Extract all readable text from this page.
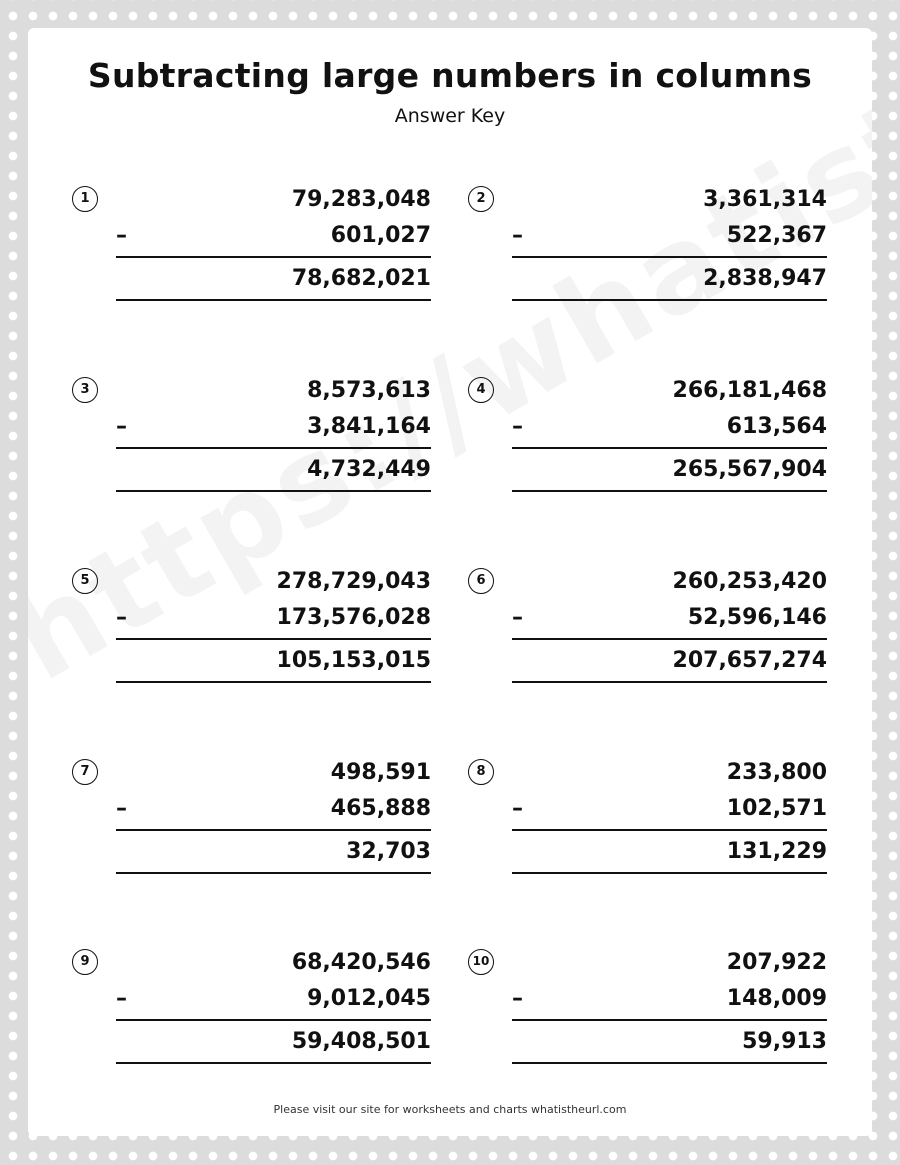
Subtracting large numbers in columns
Answer Key
1	79,283,048
–	601,027
78,682,021
2	3,361,314
–	522,367
2,838,947
3	8,573,613
–	3,841,164
4,732,449
4	266,181,468
–	613,564
265,567,904
5	278,729,043
–	173,576,028
105,153,015
6	260,253,420
–	52,596,146
207,657,274
7	498,591
–	465,888
32,703
8	233,800
–	102,571
131,229
9	68,420,546
–	9,012,045
59,408,501
10	207,922
–	148,009
59,913
Please visit our site for worksheets and charts whatistheurl.com
